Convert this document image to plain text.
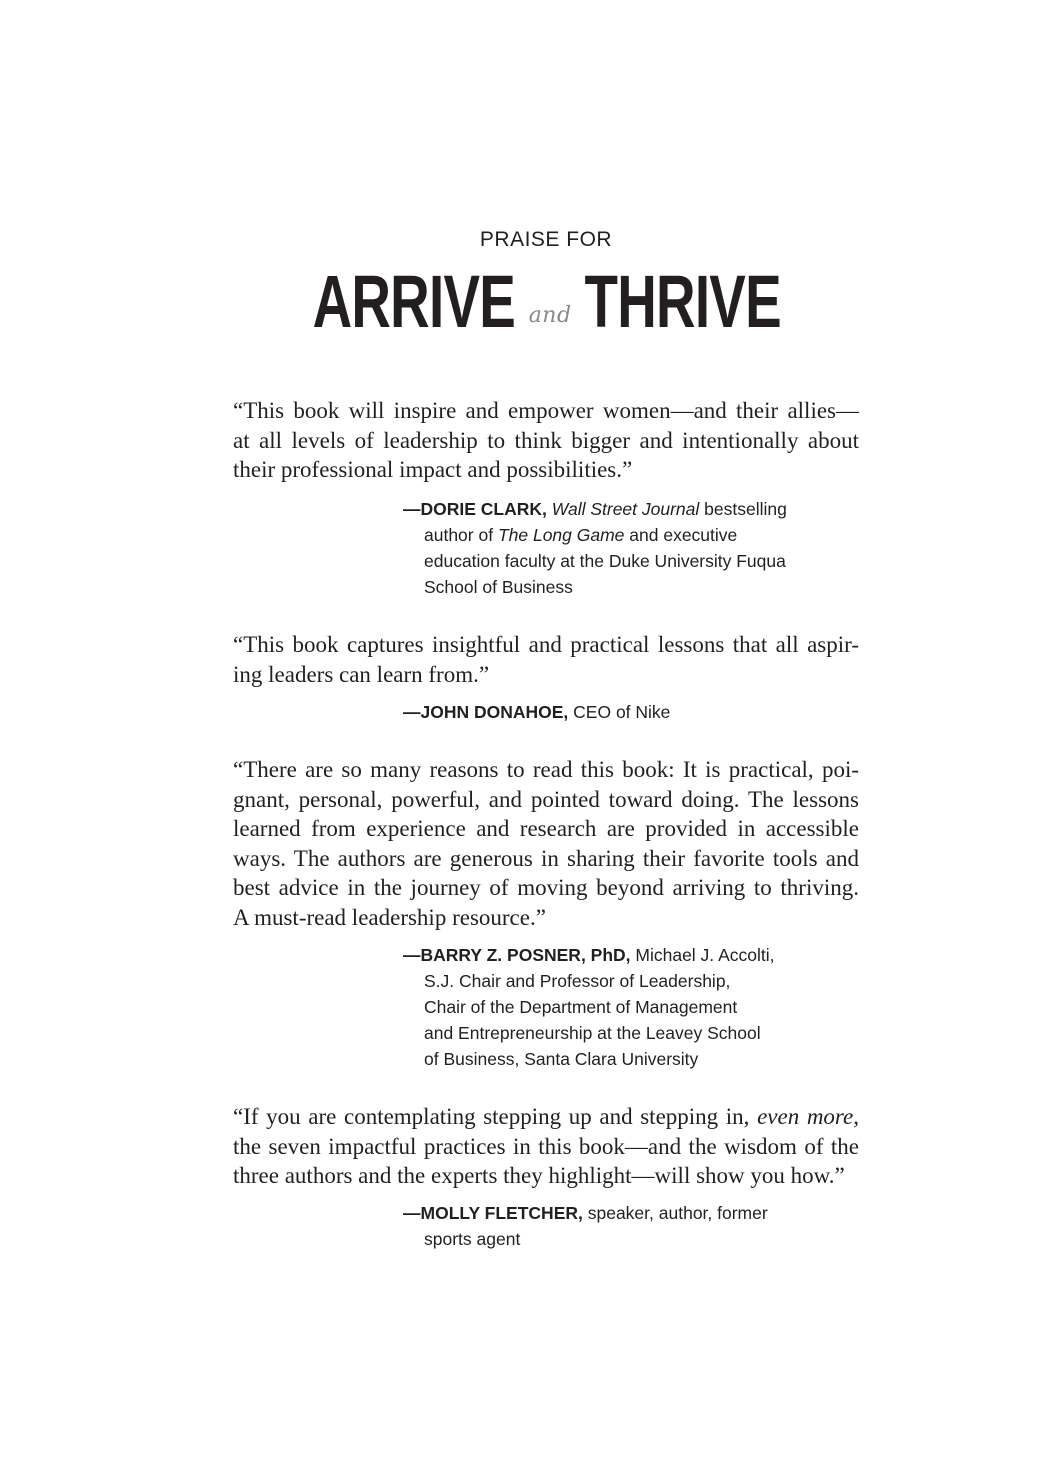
PRAISE FOR
ARRIVE and THRIVE
“This book will inspire and empower women—and their allies—
at all levels of leadership to think bigger and intentionally about
their professional impact and possibilities.”
—DORIE CLARK, Wall Street Journal bestselling
author of The Long Game and executive
education faculty at the Duke University Fuqua
School of Business
“This book captures insightful and practical lessons that all aspir-
ing leaders can learn from.”
—JOHN DONAHOE, CEO of Nike
“There are so many reasons to read this book: It is practical, poi-
gnant, personal, powerful, and pointed toward doing. The lessons
learned from experience and research are provided in accessible
ways. The authors are generous in sharing their favorite tools and
best advice in the journey of moving beyond arriving to thriving.
A must-read leadership resource.”
—BARRY Z. POSNER, PhD, Michael J. Accolti,
S.J. Chair and Professor of Leadership,
Chair of the Department of Management
and Entrepreneurship at the Leavey School
of Business, Santa Clara University
“If you are contemplating stepping up and stepping in, even more,
the seven impactful practices in this book—and the wisdom of the
three authors and the experts they highlight—will show you how.”
—MOLLY FLETCHER, speaker, author, former
sports agent
